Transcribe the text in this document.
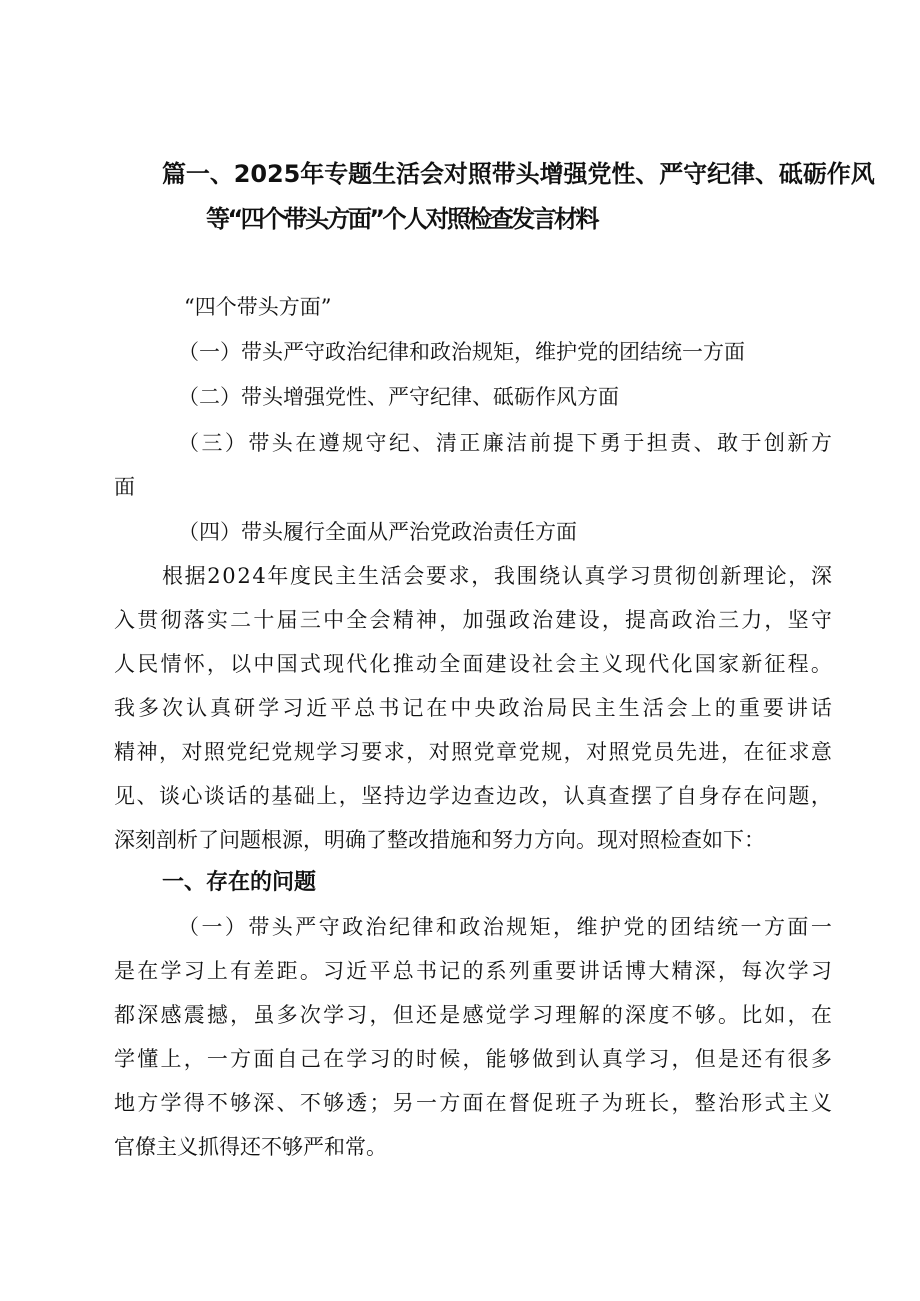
篇一、2025年专题生活会对照带头增强党性、严守纪律、砥砺作风
等“四个带头方面”个人对照检查发言材料
“四个带头方面”
（一）带头严守政治纪律和政治规矩，维护党的团结统一方面
（二）带头增强党性、严守纪律、砥砺作风方面
（三）带头在遵规守纪、清正廉洁前提下勇于担责、敢于创新方
面
（四）带头履行全面从严治党政治责任方面
根据2024年度民主生活会要求，我围绕认真学习贯彻创新理论，深
入贯彻落实二十届三中全会精神，加强政治建设，提高政治三力，坚守
人民情怀，以中国式现代化推动全面建设社会主义现代化国家新征程。
我多次认真研学习近平总书记在中央政治局民主生活会上的重要讲话
精神，对照党纪党规学习要求，对照党章党规，对照党员先进，在征求意
见、谈心谈话的基础上，坚持边学边查边改，认真查摆了自身存在问题，
深刻剖析了问题根源，明确了整改措施和努力方向。现对照检查如下：
一、存在的问题
（一）带头严守政治纪律和政治规矩，维护党的团结统一方面一
是在学习上有差距。习近平总书记的系列重要讲话博大精深，每次学习
都深感震撼，虽多次学习，但还是感觉学习理解的深度不够。比如，在
学懂上，一方面自己在学习的时候，能够做到认真学习，但是还有很多
地方学得不够深、不够透；另一方面在督促班子为班长，整治形式主义
官僚主义抓得还不够严和常。
